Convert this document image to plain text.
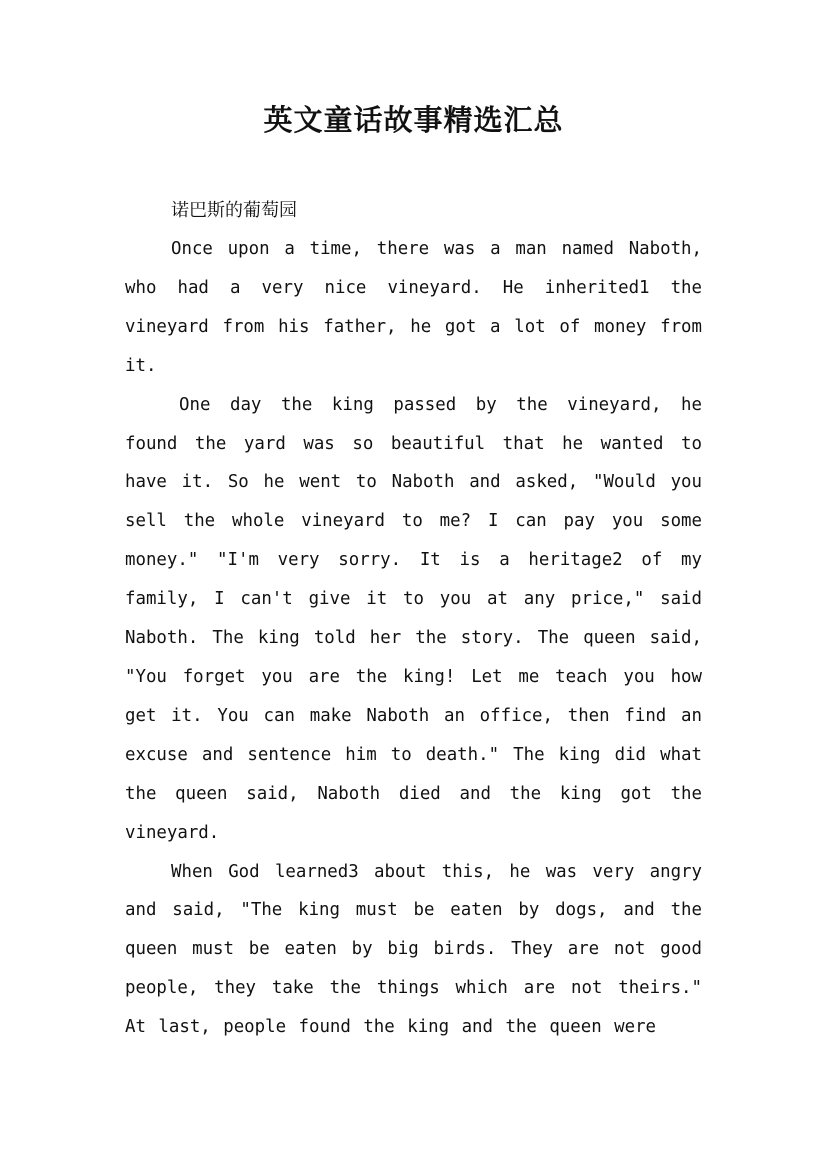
英文童话故事精选汇总
诺巴斯的葡萄园

Once upon a time, there was a man named Naboth, who had a very nice vineyard. He inherited1 the vineyard from his father, he got a lot of money from it.

One day the king passed by the vineyard, he found the yard was so beautiful that he wanted to have it. So he went to Naboth and asked, "Would you sell the whole vineyard to me? I can pay you some money." "I'm very sorry. It is a heritage2 of my family, I can't give it to you at any price," said Naboth. The king told her the story. The queen said, "You forget you are the king! Let me teach you how get it. You can make Naboth an office, then find an excuse and sentence him to death." The king did what the queen said, Naboth died and the king got the vineyard.

When God learned3 about this, he was very angry and said, "The king must be eaten by dogs, and the queen must be eaten by big birds. They are not good people, they take the things which are not theirs." At last, people found the king and the queen were
